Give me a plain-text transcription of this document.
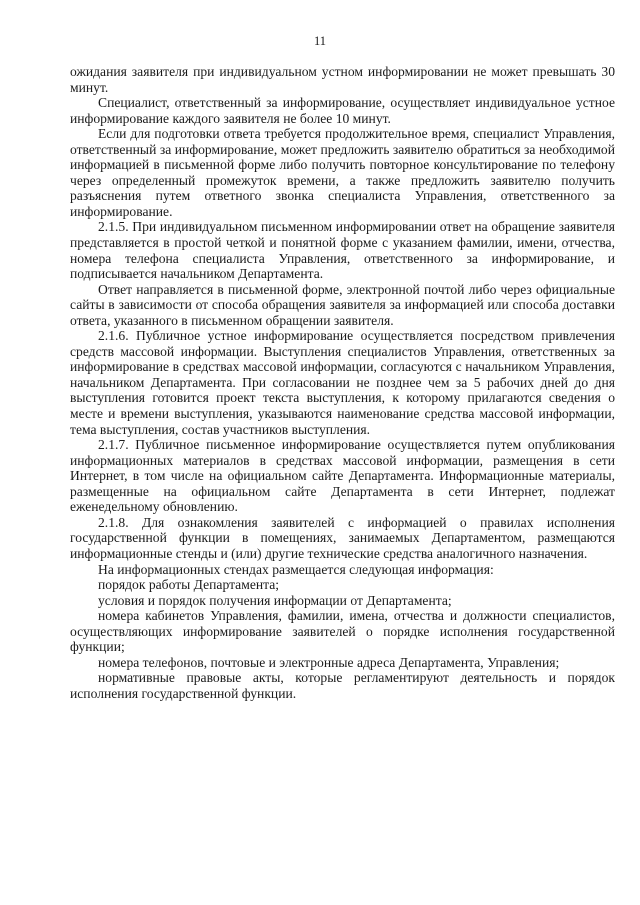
11

ожидания заявителя при индивидуальном устном информировании не может превышать 30 минут.

Специалист, ответственный за информирование, осуществляет индивидуальное устное информирование каждого заявителя не более 10 минут.

Если для подготовки ответа требуется продолжительное время, специалист Управления, ответственный за информирование, может предложить заявителю обратиться за необходимой информацией в письменной форме либо получить повторное консультирование по телефону через определенный промежуток времени, а также предложить заявителю получить разъяснения путем ответного звонка специалиста Управления, ответственного за информирование.

2.1.5. При индивидуальном письменном информировании ответ на обращение заявителя представляется в простой четкой и понятной форме с указанием фамилии, имени, отчества, номера телефона специалиста Управления, ответственного за информирование, и подписывается начальником Департамента.

Ответ направляется в письменной форме, электронной почтой либо через официальные сайты в зависимости от способа обращения заявителя за информацией или способа доставки ответа, указанного в письменном обращении заявителя.

2.1.6. Публичное устное информирование осуществляется посредством привлечения средств массовой информации. Выступления специалистов Управления, ответственных за информирование в средствах массовой информации, согласуются с начальником Управления, начальником Департамента. При согласовании не позднее чем за 5 рабочих дней до дня выступления готовится проект текста выступления, к которому прилагаются сведения о месте и времени выступления, указываются наименование средства массовой информации, тема выступления, состав участников выступления.

2.1.7. Публичное письменное информирование осуществляется путем опубликования информационных материалов в средствах массовой информации, размещения в сети Интернет, в том числе на официальном сайте Департамента. Информационные материалы, размещенные на официальном сайте Департамента в сети Интернет, подлежат еженедельному обновлению.

2.1.8. Для ознакомления заявителей с информацией о правилах исполнения государственной функции в помещениях, занимаемых Департаментом, размещаются информационные стенды и (или) другие технические средства аналогичного назначения.

На информационных стендах размещается следующая информация:

порядок работы Департамента;

условия и порядок получения информации от Департамента;

номера кабинетов Управления, фамилии, имена, отчества и должности специалистов, осуществляющих информирование заявителей о порядке исполнения государственной функции;

номера телефонов, почтовые и электронные адреса Департамента, Управления;

нормативные правовые акты, которые регламентируют деятельность и порядок исполнения государственной функции.
